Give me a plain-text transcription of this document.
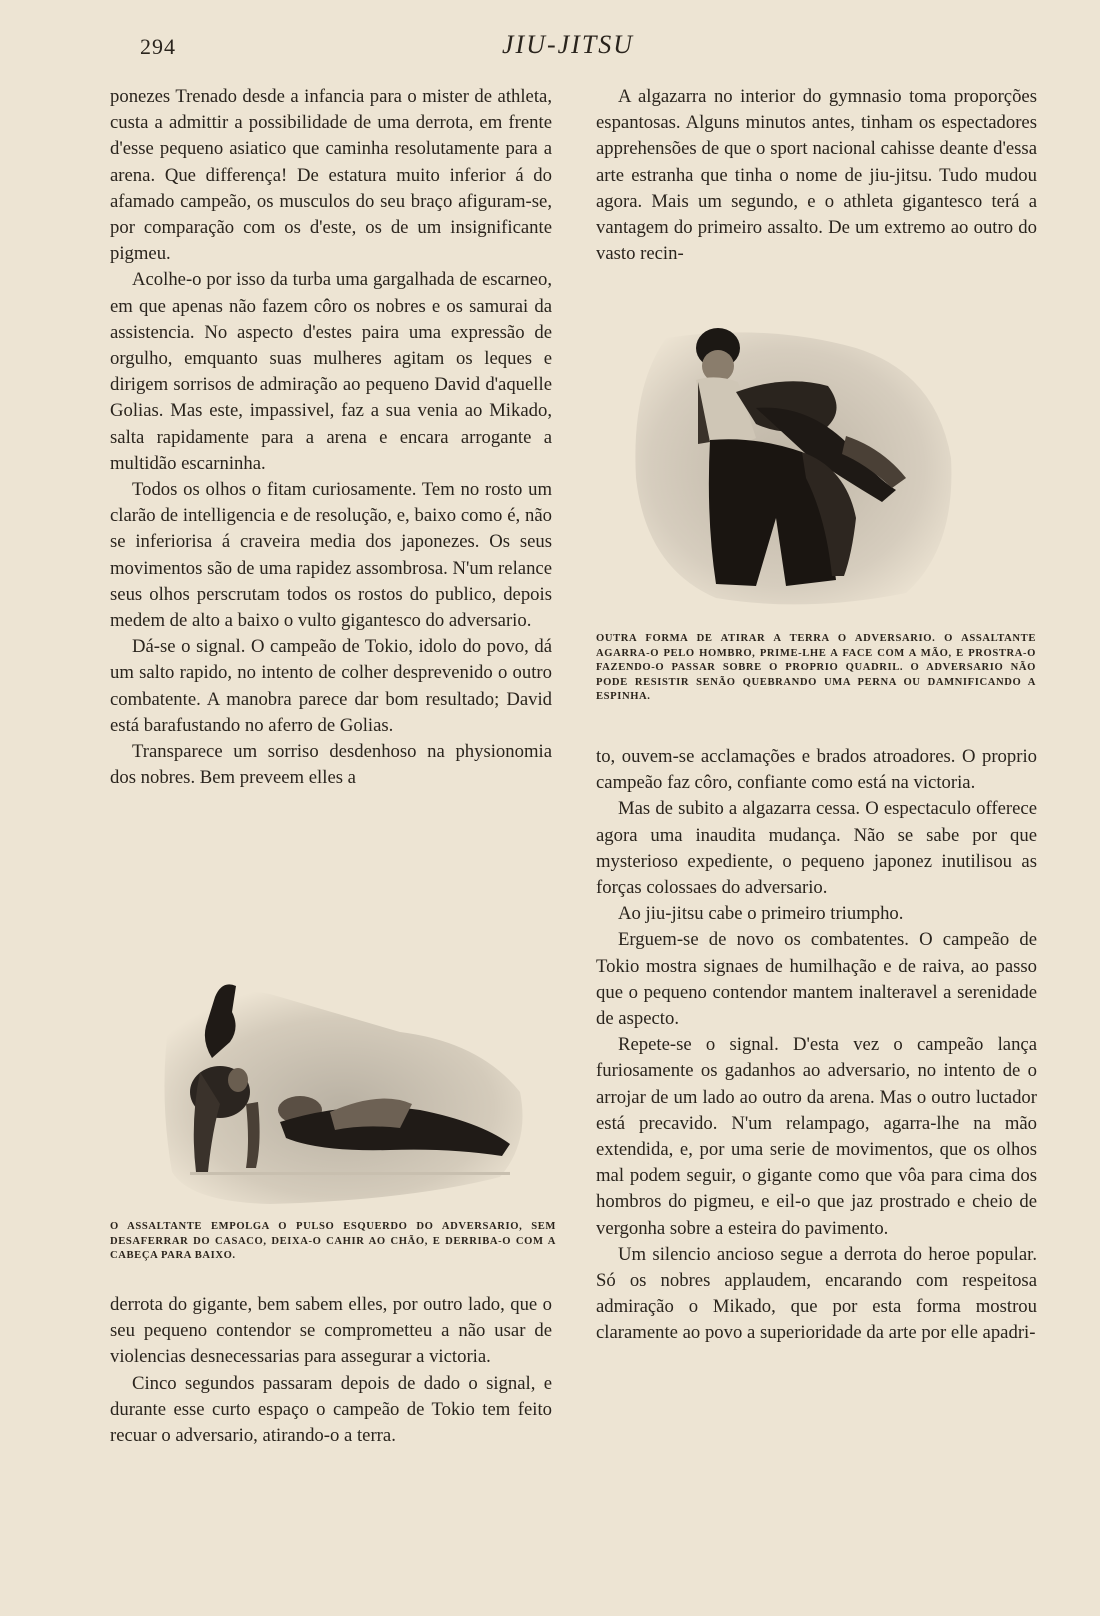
294	JIU-JITSU

ponezes Trenado desde a infancia para o mister de athleta, custa a admittir a possibilidade de uma derrota, em frente d'esse pequeno asiatico que caminha resolutamente para a arena. Que differença! De estatura muito inferior á do afamado campeão, os musculos do seu braço afiguram-se, por comparação com os d'este, os de um insignificante pigmeu.

Acolhe-o por isso da turba uma gargalhada de escarneo, em que apenas não fazem côro os nobres e os samurai da assistencia. No aspecto d'estes paira uma expressão de orgulho, emquanto suas mulheres agitam os leques e dirigem sorrisos de admiração ao pequeno David d'aquelle Golias. Mas este, impassivel, faz a sua venia ao Mikado, salta rapidamente para a arena e encara arrogante a multidão escarninha.

Todos os olhos o fitam curiosamente. Tem no rosto um clarão de intelligencia e de resolução, e, baixo como é, não se inferiorisa á craveira media dos japonezes. Os seus movimentos são de uma rapidez assombrosa. N'um relance seus olhos perscrutam todos os rostos do publico, depois medem de alto a baixo o vulto gigantesco do adversario.

Dá-se o signal. O campeão de Tokio, idolo do povo, dá um salto rapido, no intento de colher desprevenido o outro combatente. A manobra parece dar bom resultado; David está barafustando no aferro de Golias.

Transparece um sorriso desdenhoso na physionomia dos nobres. Bem preveem elles a

O ASSALTANTE EMPOLGA O PULSO ESQUERDO DO ADVERSARIO, SEM DESAFERRAR DO CASACO, DEIXA-O CAHIR AO CHÃO, E DERRIBA-O COM A CABEÇA PARA BAIXO.

derrota do gigante, bem sabem elles, por outro lado, que o seu pequeno contendor se comprometteu a não usar de violencias desnecessarias para assegurar a victoria.

Cinco segundos passaram depois de dado o signal, e durante esse curto espaço o campeão de Tokio tem feito recuar o adversario, atirando-o a terra.

A algazarra no interior do gymnasio toma proporções espantosas. Alguns minutos antes, tinham os espectadores apprehensões de que o sport nacional cahisse deante d'essa arte estranha que tinha o nome de jiu-jitsu. Tudo mudou agora. Mais um segundo, e o athleta gigantesco terá a vantagem do primeiro assalto. De um extremo ao outro do vasto recin-

OUTRA FORMA DE ATIRAR A TERRA O ADVERSARIO. O ASSALTANTE AGARRA-O PELO HOMBRO, PRIME-LHE A FACE COM A MÃO, E PROSTRA-O FAZENDO-O PASSAR SOBRE O PROPRIO QUADRIL. O ADVERSARIO NÃO PODE RESISTIR SENÃO QUEBRANDO UMA PERNA OU DAMNIFICANDO A ESPINHA.

to, ouvem-se acclamações e brados atroadores. O proprio campeão faz côro, confiante como está na victoria.

Mas de subito a algazarra cessa. O espectaculo offerece agora uma inaudita mudança. Não se sabe por que mysterioso expediente, o pequeno japonez inutilisou as forças colossaes do adversario.

Ao jiu-jitsu cabe o primeiro triumpho.

Erguem-se de novo os combatentes. O campeão de Tokio mostra signaes de humilhação e de raiva, ao passo que o pequeno contendor mantem inalteravel a serenidade de aspecto.

Repete-se o signal. D'esta vez o campeão lança furiosamente os gadanhos ao adversario, no intento de o arrojar de um lado ao outro da arena. Mas o outro luctador está precavido. N'um relampago, agarra-lhe na mão extendida, e, por uma serie de movimentos, que os olhos mal podem seguir, o gigante como que vôa para cima dos hombros do pigmeu, e eil-o que jaz prostrado e cheio de vergonha sobre a esteira do pavimento.

Um silencio ancioso segue a derrota do heroe popular. Só os nobres applaudem, encarando com respeitosa admiração o Mikado, que por esta forma mostrou claramente ao povo a superioridade da arte por elle apadri-
